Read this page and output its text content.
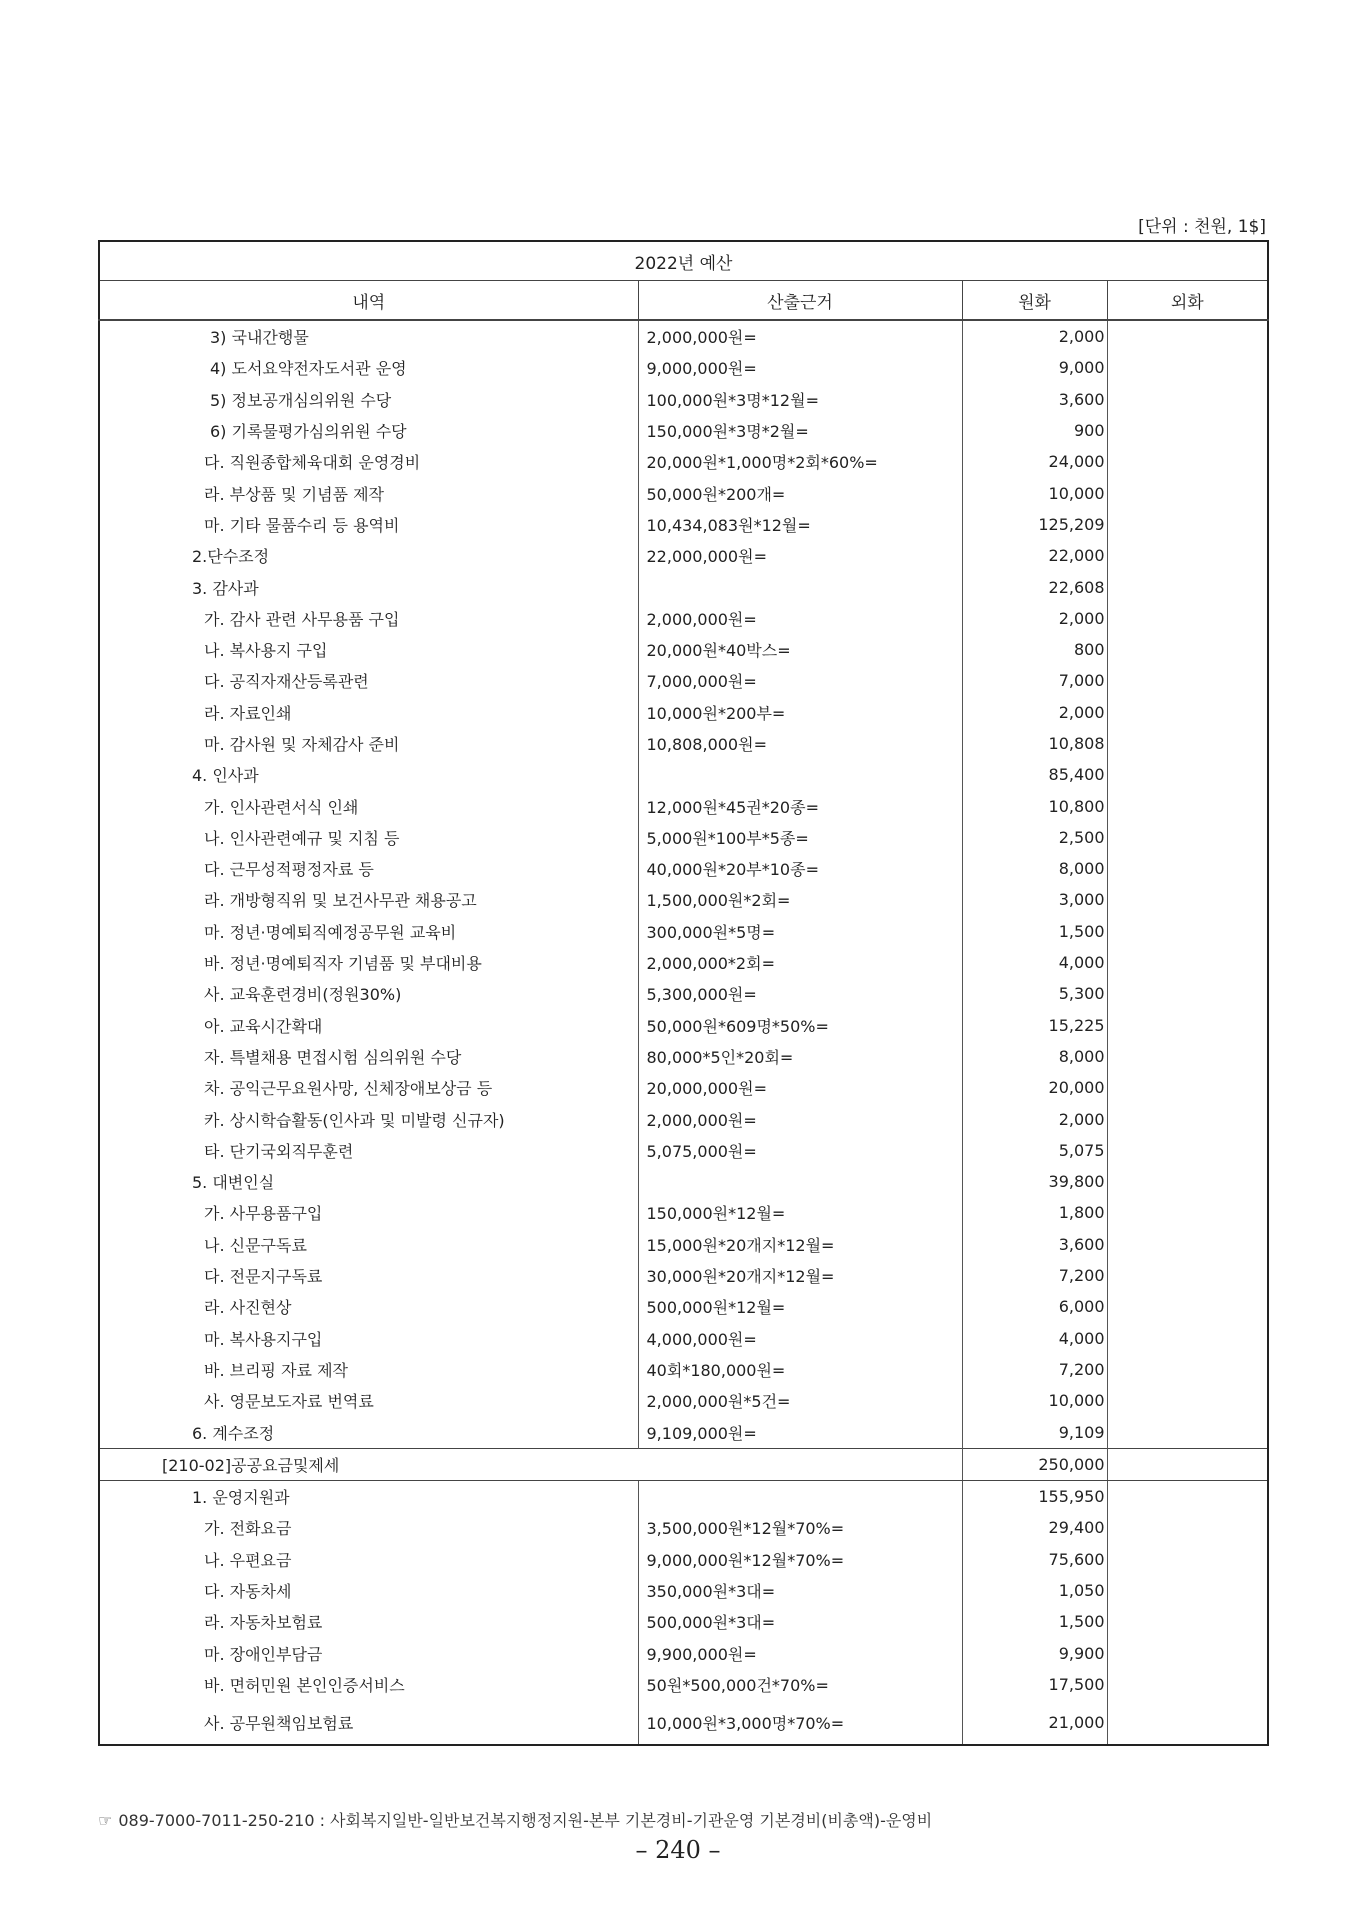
[단위 : 천원, 1$]
2022년 예산			
내역	산출근거	원화	외화
3) 국내간행물	2,000,000원=	2,000	
4) 도서요약전자도서관 운영	9,000,000원=	9,000	
5) 정보공개심의위원 수당	100,000원*3명*12월=	3,600	
6) 기록물평가심의위원 수당	150,000원*3명*2월=	900	
다. 직원종합체육대회 운영경비	20,000원*1,000명*2회*60%=	24,000	
라. 부상품 및 기념품 제작	50,000원*200개=	10,000	
마. 기타 물품수리 등 용역비	10,434,083원*12월=	125,209	
2.단수조정	22,000,000원=	22,000	
3. 감사과		22,608	
가. 감사 관련 사무용품 구입	2,000,000원=	2,000	
나. 복사용지 구입	20,000원*40박스=	800	
다. 공직자재산등록관련	7,000,000원=	7,000	
라. 자료인쇄	10,000원*200부=	2,000	
마. 감사원 및 자체감사 준비	10,808,000원=	10,808	
4. 인사과		85,400	
가. 인사관련서식 인쇄	12,000원*45권*20종=	10,800	
나. 인사관련예규 및 지침 등	5,000원*100부*5종=	2,500	
다. 근무성적평정자료 등	40,000원*20부*10종=	8,000	
라. 개방형직위 및 보건사무관 채용공고	1,500,000원*2회=	3,000	
마. 정년·명예퇴직예정공무원 교육비	300,000원*5명=	1,500	
바. 정년·명예퇴직자 기념품 및 부대비용	2,000,000*2회=	4,000	
사. 교육훈련경비(정원30%)	5,300,000원=	5,300	
아. 교육시간확대	50,000원*609명*50%=	15,225	
자. 특별채용 면접시험 심의위원 수당	80,000*5인*20회=	8,000	
차. 공익근무요원사망, 신체장애보상금 등	20,000,000원=	20,000	
카. 상시학습활동(인사과 및 미발령 신규자)	2,000,000원=	2,000	
타. 단기국외직무훈련	5,075,000원=	5,075	
5. 대변인실		39,800	
가. 사무용품구입	150,000원*12월=	1,800	
나. 신문구독료	15,000원*20개지*12월=	3,600	
다. 전문지구독료	30,000원*20개지*12월=	7,200	
라. 사진현상	500,000원*12월=	6,000	
마. 복사용지구입	4,000,000원=	4,000	
바. 브리핑 자료 제작	40회*180,000원=	7,200	
사. 영문보도자료 번역료	2,000,000원*5건=	10,000	
6. 계수조정	9,109,000원=	9,109	
[210-02]공공요금및제세		250,000	
1. 운영지원과		155,950	
가. 전화요금	3,500,000원*12월*70%=	29,400	
나. 우편요금	9,000,000원*12월*70%=	75,600	
다. 자동차세	350,000원*3대=	1,050	
라. 자동차보험료	500,000원*3대=	1,500	
마. 장애인부담금	9,900,000원=	9,900	
바. 면허민원 본인인증서비스	50원*500,000건*70%=	17,500	
사. 공무원책임보험료	10,000원*3,000명*70%=	21,000	
☞ 089-7000-7011-250-210 : 사회복지일반-일반보건복지행정지원-본부 기본경비-기관운영 기본경비(비총액)-운영비
– 240 –
